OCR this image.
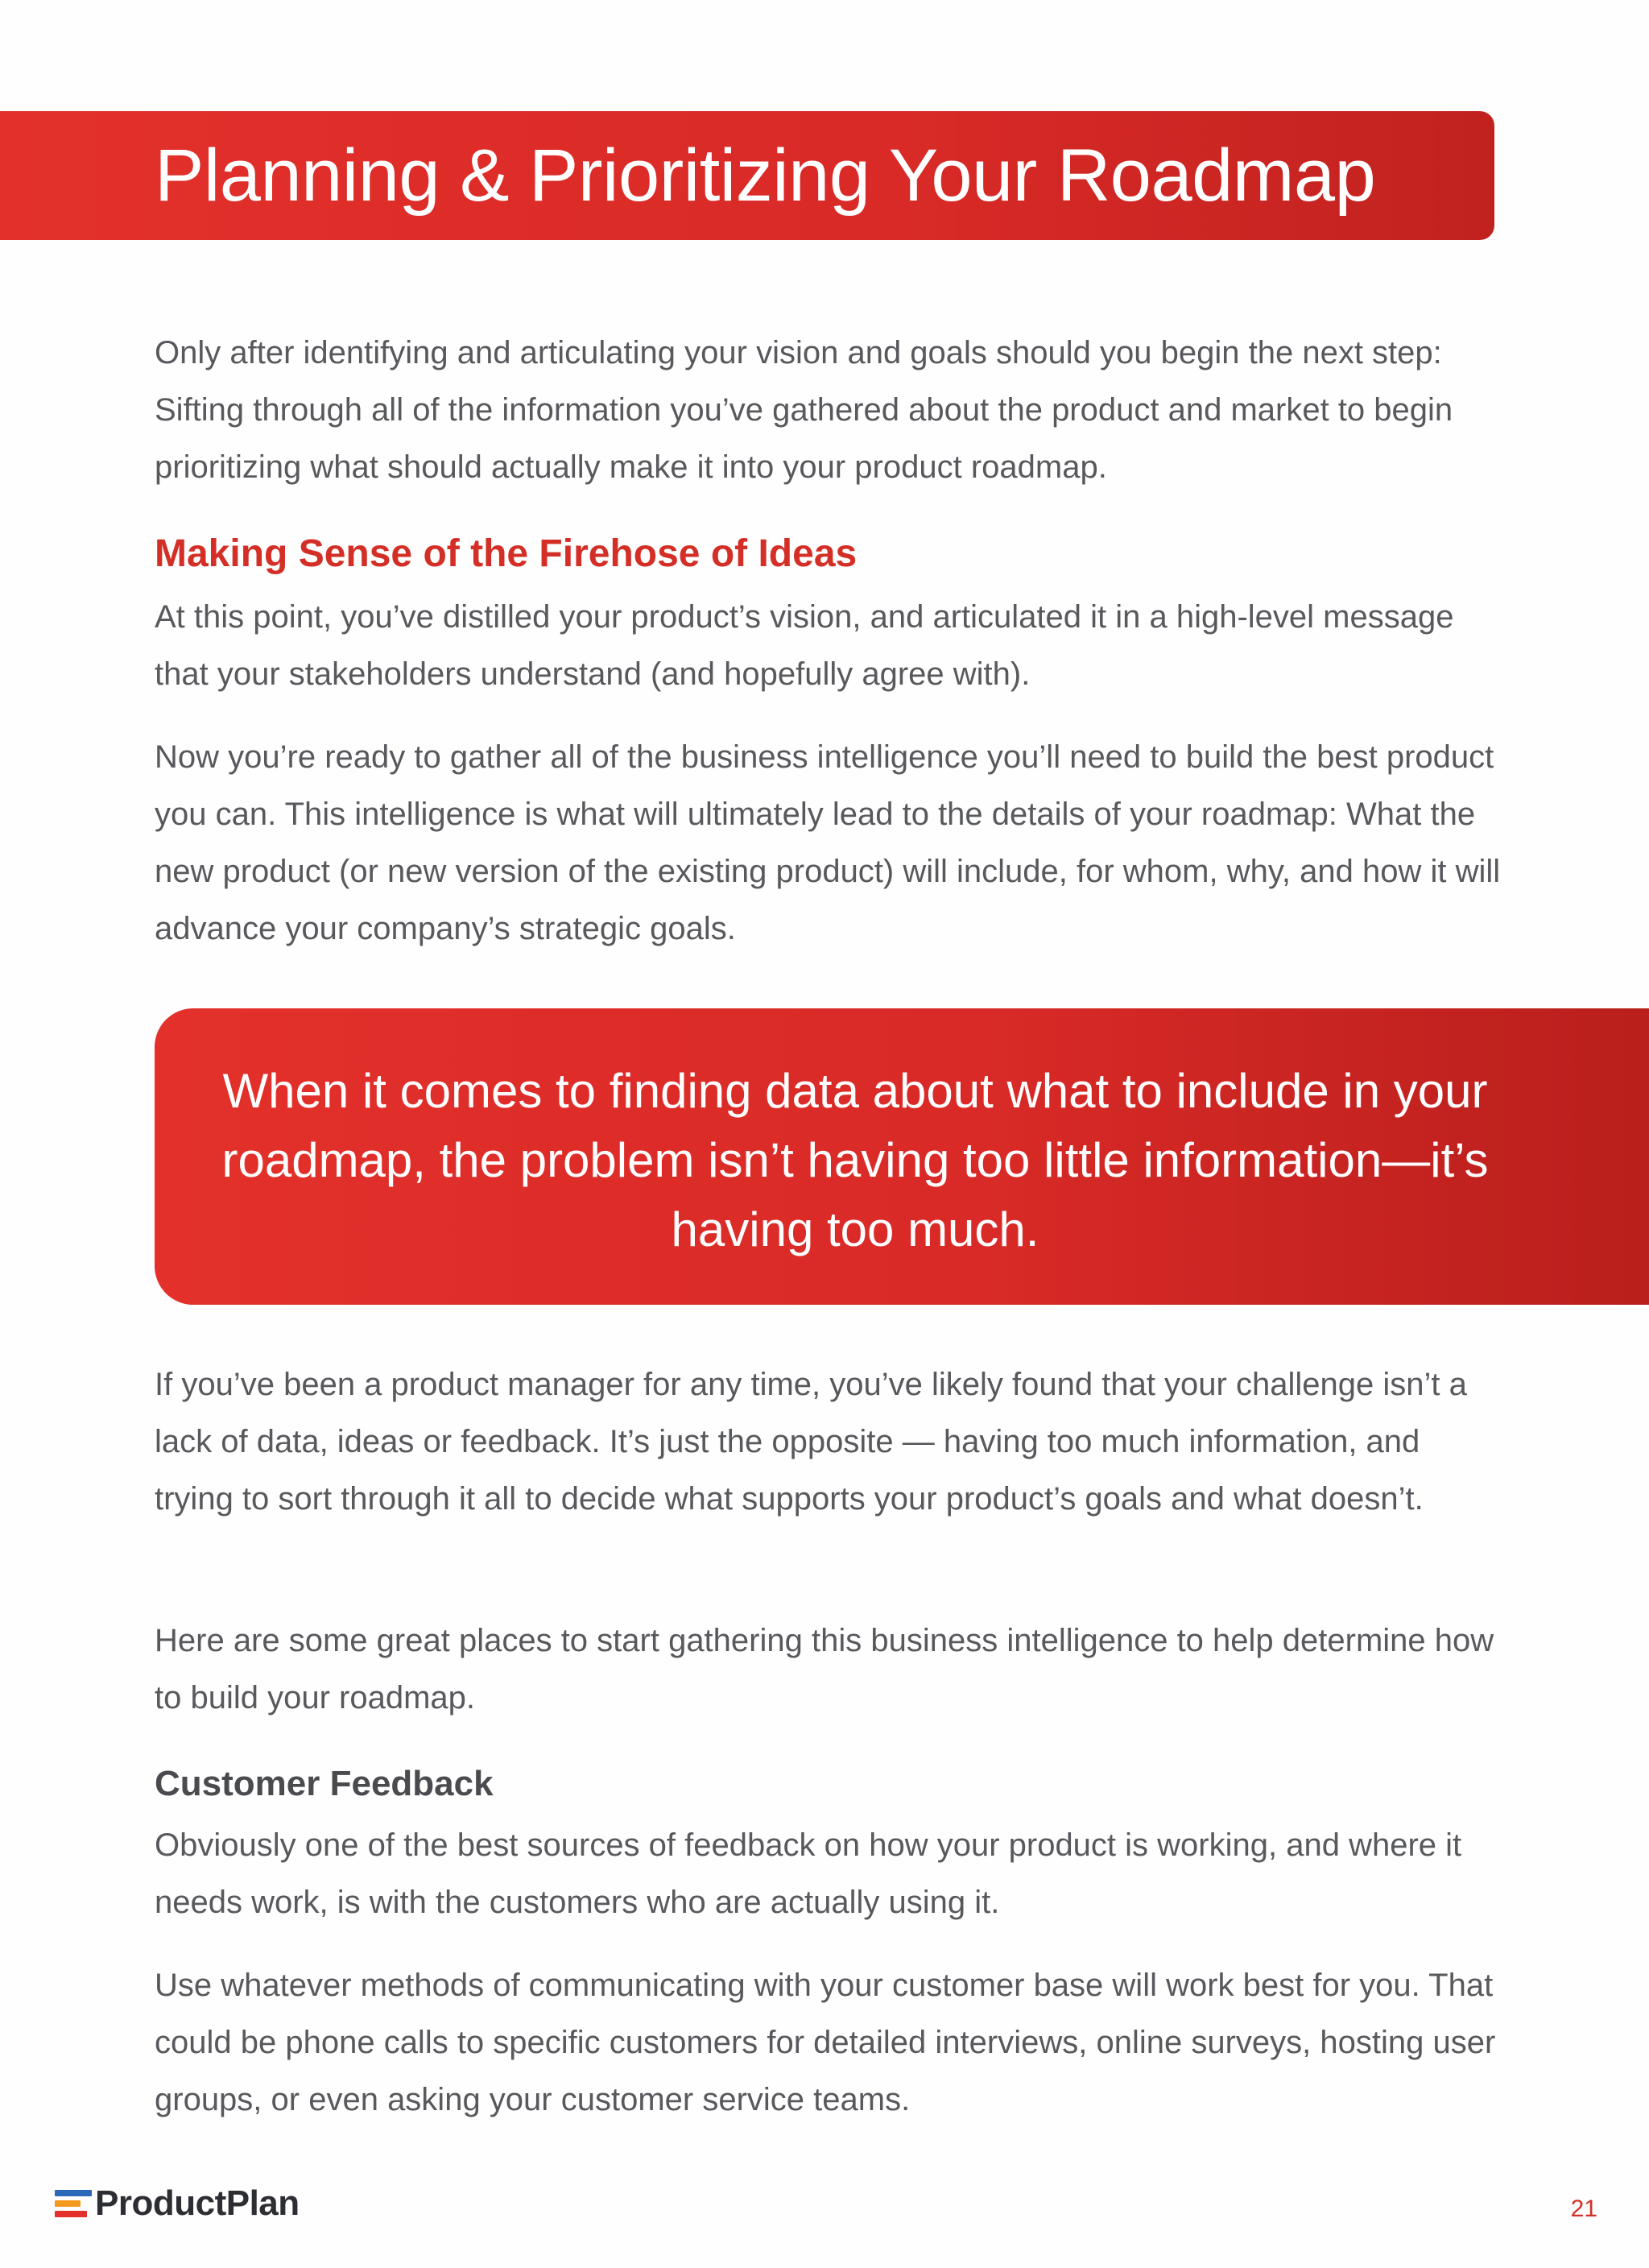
Planning & Prioritizing Your Roadmap

Only after identifying and articulating your vision and goals should you begin the next step: Sifting through all of the information you’ve gathered about the product and market to begin prioritizing what should actually make it into your product roadmap.

Making Sense of the Firehose of Ideas

At this point, you’ve distilled your product’s vision, and articulated it in a high-level message that your stakeholders understand (and hopefully agree with).

Now you’re ready to gather all of the business intelligence you’ll need to build the best product you can. This intelligence is what will ultimately lead to the details of your roadmap: What the new product (or new version of the existing product) will include, for whom, why, and how it will advance your company’s strategic goals.

When it comes to finding data about what to include in your roadmap, the problem isn’t having too little information—it’s having too much.

If you’ve been a product manager for any time, you’ve likely found that your challenge isn’t a lack of data, ideas or feedback. It’s just the opposite — having too much information, and trying to sort through it all to decide what supports your product’s goals and what doesn’t.

Here are some great places to start gathering this business intelligence to help determine how to build your roadmap.

Customer Feedback

Obviously one of the best sources of feedback on how your product is working, and where it needs work, is with the customers who are actually using it.

Use whatever methods of communicating with your customer base will work best for you. That could be phone calls to specific customers for detailed interviews, online surveys, hosting user groups, or even asking your customer service teams.

ProductPlan	21
